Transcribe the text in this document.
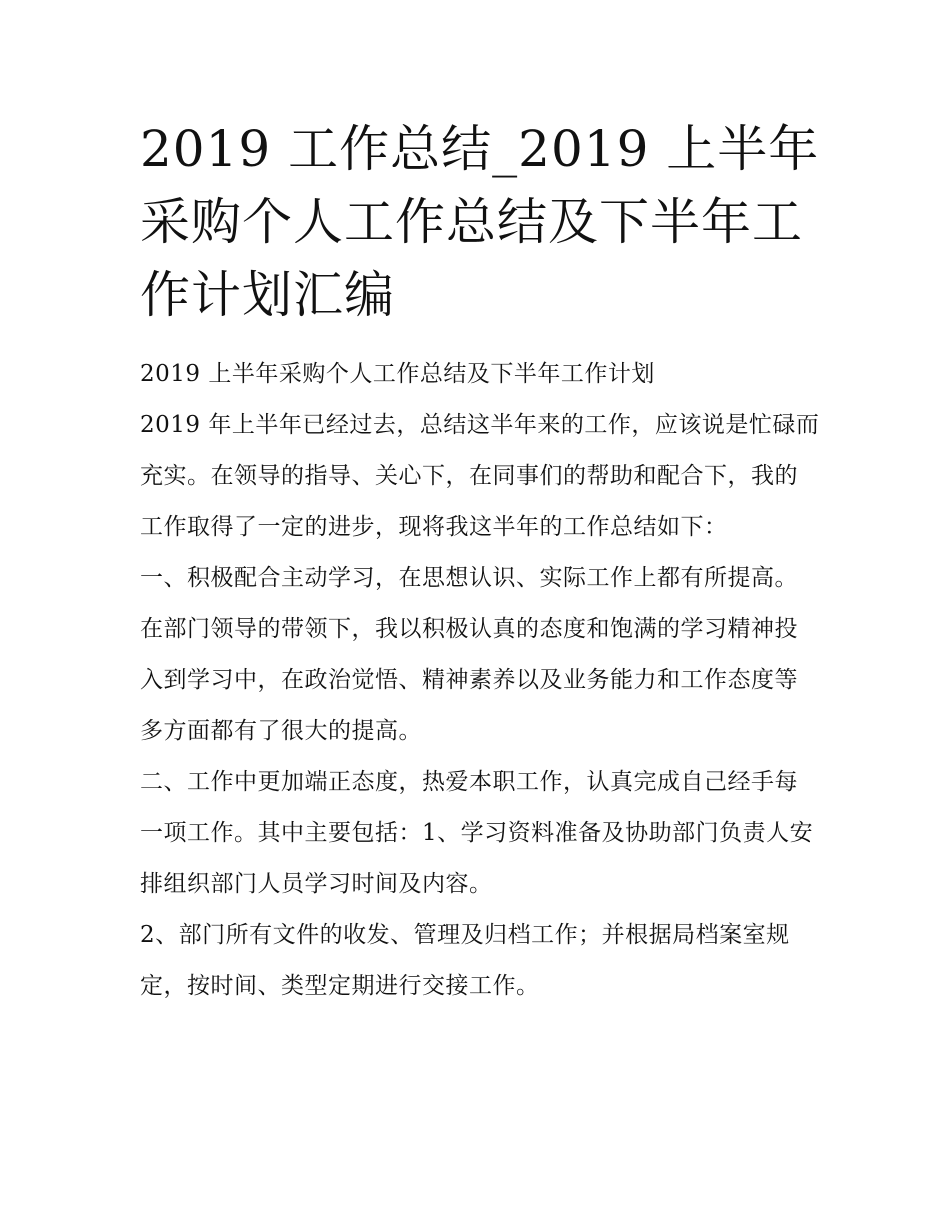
2019 工作总结_2019 上半年采购个人工作总结及下半年工作计划汇编

2019 上半年采购个人工作总结及下半年工作计划

2019 年上半年已经过去，总结这半年来的工作，应该说是忙碌而充实。在领导的指导、关心下，在同事们的帮助和配合下，我的工作取得了一定的进步，现将我这半年的工作总结如下：

一、积极配合主动学习，在思想认识、实际工作上都有所提高。

在部门领导的带领下，我以积极认真的态度和饱满的学习精神投入到学习中，在政治觉悟、精神素养以及业务能力和工作态度等多方面都有了很大的提高。

二、工作中更加端正态度，热爱本职工作，认真完成自己经手每一项工作。其中主要包括：1、学习资料准备及协助部门负责人安排组织部门人员学习时间及内容。

2、部门所有文件的收发、管理及归档工作；并根据局档案室规定，按时间、类型定期进行交接工作。
